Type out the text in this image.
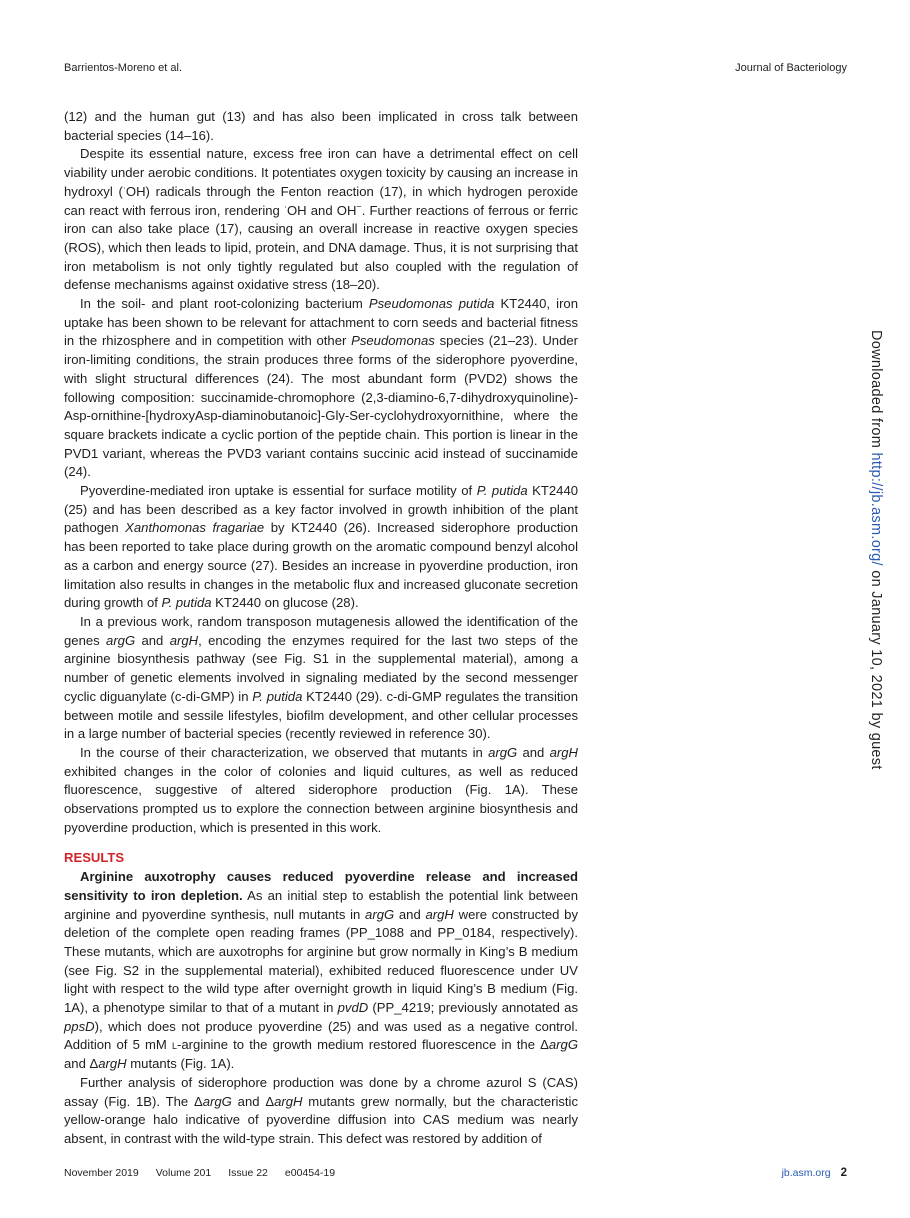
Barrientos-Moreno et al.	Journal of Bacteriology

(12) and the human gut (13) and has also been implicated in cross talk between bacterial species (14–16).

Despite its essential nature, excess free iron can have a detrimental effect on cell viability under aerobic conditions. It potentiates oxygen toxicity by causing an increase in hydroxyl (·OH) radicals through the Fenton reaction (17), in which hydrogen peroxide can react with ferrous iron, rendering ·OH and OH−. Further reactions of ferrous or ferric iron can also take place (17), causing an overall increase in reactive oxygen species (ROS), which then leads to lipid, protein, and DNA damage. Thus, it is not surprising that iron metabolism is not only tightly regulated but also coupled with the regulation of defense mechanisms against oxidative stress (18–20).

In the soil- and plant root-colonizing bacterium Pseudomonas putida KT2440, iron uptake has been shown to be relevant for attachment to corn seeds and bacterial fitness in the rhizosphere and in competition with other Pseudomonas species (21–23). Under iron-limiting conditions, the strain produces three forms of the siderophore pyoverdine, with slight structural differences (24). The most abundant form (PVD2) shows the following composition: succinamide-chromophore (2,3-diamino-6,7-dihydroxyquinoline)-Asp-ornithine-[hydroxyAsp-diaminobutanoic]-Gly-Ser-cyclohydroxyornithine, where the square brackets indicate a cyclic portion of the peptide chain. This portion is linear in the PVD1 variant, whereas the PVD3 variant contains succinic acid instead of succinamide (24).

Pyoverdine-mediated iron uptake is essential for surface motility of P. putida KT2440 (25) and has been described as a key factor involved in growth inhibition of the plant pathogen Xanthomonas fragariae by KT2440 (26). Increased siderophore production has been reported to take place during growth on the aromatic compound benzyl alcohol as a carbon and energy source (27). Besides an increase in pyoverdine production, iron limitation also results in changes in the metabolic flux and increased gluconate secretion during growth of P. putida KT2440 on glucose (28).

In a previous work, random transposon mutagenesis allowed the identification of the genes argG and argH, encoding the enzymes required for the last two steps of the arginine biosynthesis pathway (see Fig. S1 in the supplemental material), among a number of genetic elements involved in signaling mediated by the second messenger cyclic diguanylate (c-di-GMP) in P. putida KT2440 (29). c-di-GMP regulates the transition between motile and sessile lifestyles, biofilm development, and other cellular processes in a large number of bacterial species (recently reviewed in reference 30).

In the course of their characterization, we observed that mutants in argG and argH exhibited changes in the color of colonies and liquid cultures, as well as reduced fluorescence, suggestive of altered siderophore production (Fig. 1A). These observations prompted us to explore the connection between arginine biosynthesis and pyoverdine production, which is presented in this work.

RESULTS

Arginine auxotrophy causes reduced pyoverdine release and increased sensitivity to iron depletion. As an initial step to establish the potential link between arginine and pyoverdine synthesis, null mutants in argG and argH were constructed by deletion of the complete open reading frames (PP_1088 and PP_0184, respectively). These mutants, which are auxotrophs for arginine but grow normally in King’s B medium (see Fig. S2 in the supplemental material), exhibited reduced fluorescence under UV light with respect to the wild type after overnight growth in liquid King’s B medium (Fig. 1A), a phenotype similar to that of a mutant in pvdD (PP_4219; previously annotated as ppsD), which does not produce pyoverdine (25) and was used as a negative control. Addition of 5 mM l-arginine to the growth medium restored fluorescence in the ΔargG and ΔargH mutants (Fig. 1A).

Further analysis of siderophore production was done by a chrome azurol S (CAS) assay (Fig. 1B). The ΔargG and ΔargH mutants grew normally, but the characteristic yellow-orange halo indicative of pyoverdine diffusion into CAS medium was nearly absent, in contrast with the wild-type strain. This defect was restored by addition of

Downloaded from http://jb.asm.org/ on January 10, 2021 by guest
November 2019 Volume 201 Issue 22 e00454-19	jb.asm.org 2
